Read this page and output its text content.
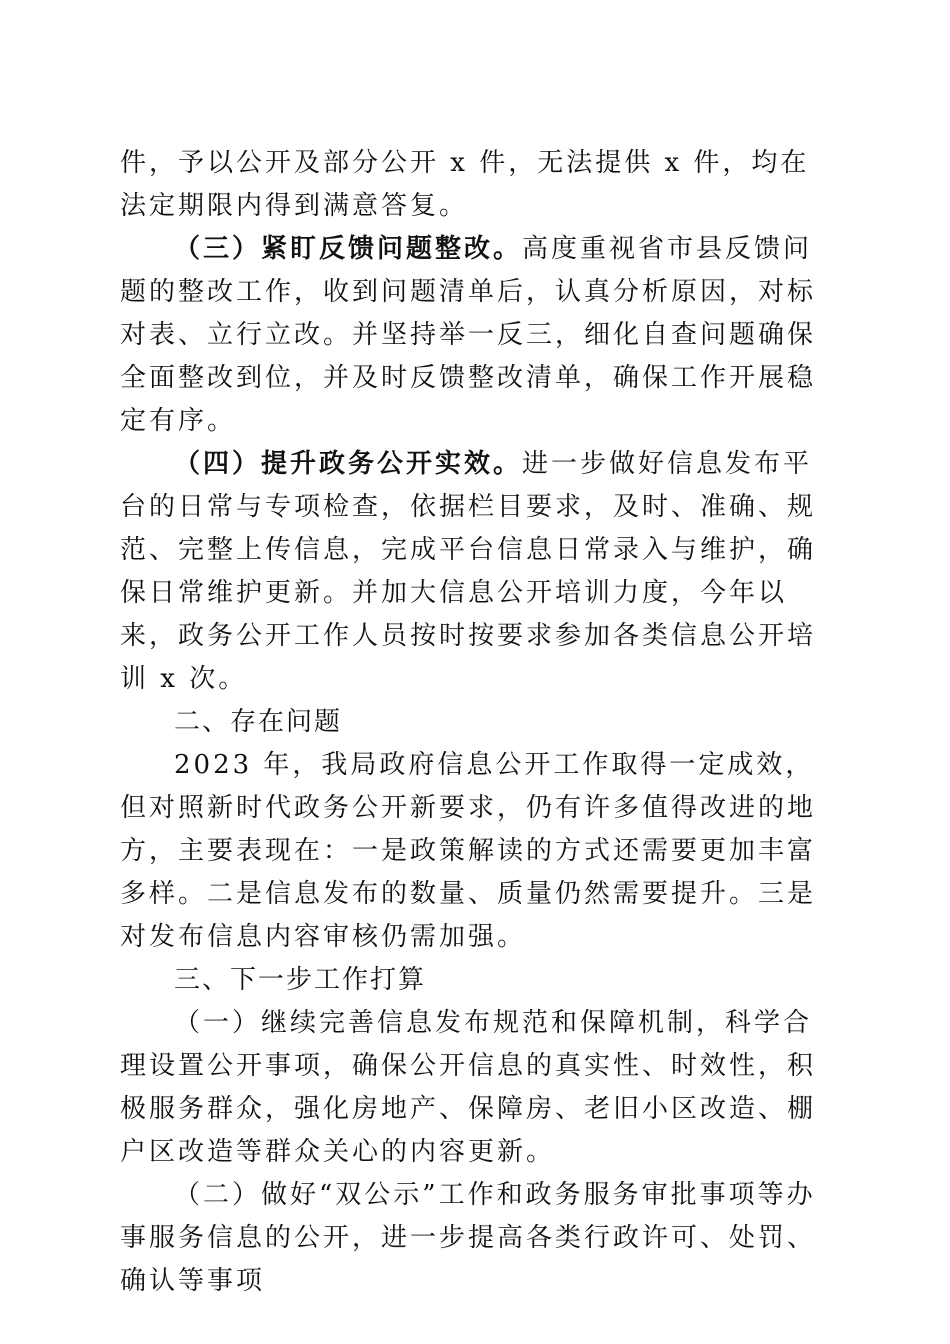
件，予以公开及部分公开 x 件，无法提供 x 件，均在法定期限内得到满意答复。

（三）紧盯反馈问题整改。高度重视省市县反馈问题的整改工作，收到问题清单后，认真分析原因，对标对表、立行立改。并坚持举一反三，细化自查问题确保全面整改到位，并及时反馈整改清单，确保工作开展稳定有序。

（四）提升政务公开实效。进一步做好信息发布平台的日常与专项检查，依据栏目要求，及时、准确、规范、完整上传信息，完成平台信息日常录入与维护，确保日常维护更新。并加大信息公开培训力度，今年以来，政务公开工作人员按时按要求参加各类信息公开培训 x 次。

二、存在问题

2023 年，我局政府信息公开工作取得一定成效，但对照新时代政务公开新要求，仍有许多值得改进的地方，主要表现在：一是政策解读的方式还需要更加丰富多样。二是信息发布的数量、质量仍然需要提升。三是对发布信息内容审核仍需加强。

三、下一步工作打算

（一）继续完善信息发布规范和保障机制，科学合理设置公开事项，确保公开信息的真实性、时效性，积极服务群众，强化房地产、保障房、老旧小区改造、棚户区改造等群众关心的内容更新。

（二）做好“双公示”工作和政务服务审批事项等办事服务信息的公开，进一步提高各类行政许可、处罚、确认等事项
